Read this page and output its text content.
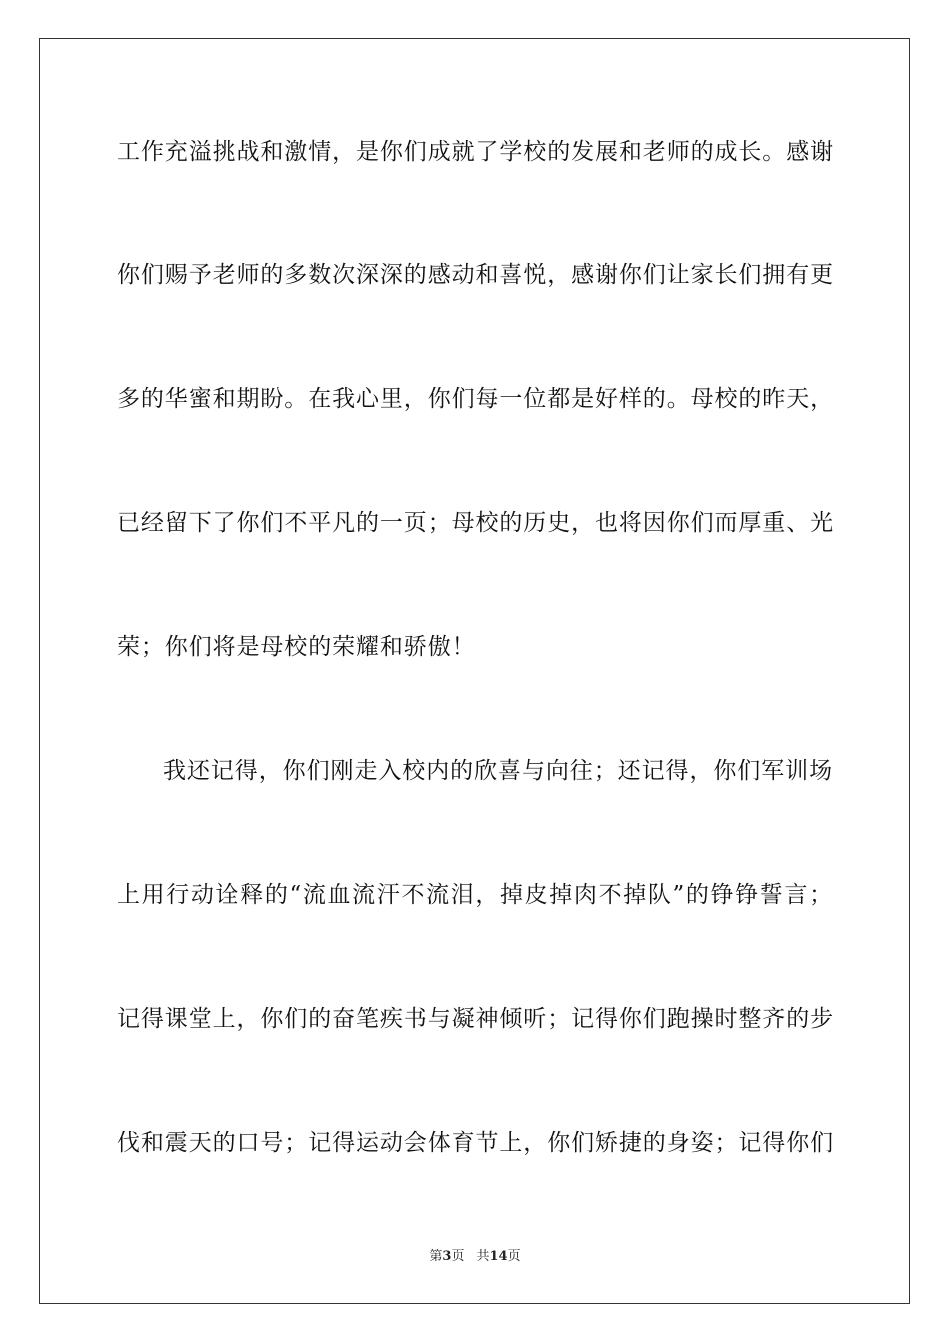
工作充溢挑战和激情，是你们成就了学校的发展和老师的成长。感谢
你们赐予老师的多数次深深的感动和喜悦，感谢你们让家长们拥有更
多的华蜜和期盼。在我心里，你们每一位都是好样的。母校的昨天，
已经留下了你们不平凡的一页；母校的历史，也将因你们而厚重、光
荣；你们将是母校的荣耀和骄傲！
我还记得，你们刚走入校内的欣喜与向往；还记得，你们军训场
上用行动诠释的“流血流汗不流泪，掉皮掉肉不掉队”的铮铮誓言；
记得课堂上，你们的奋笔疾书与凝神倾听；记得你们跑操时整齐的步
伐和震天的口号；记得运动会体育节上，你们矫捷的身姿；记得你们
第3页 共14页
